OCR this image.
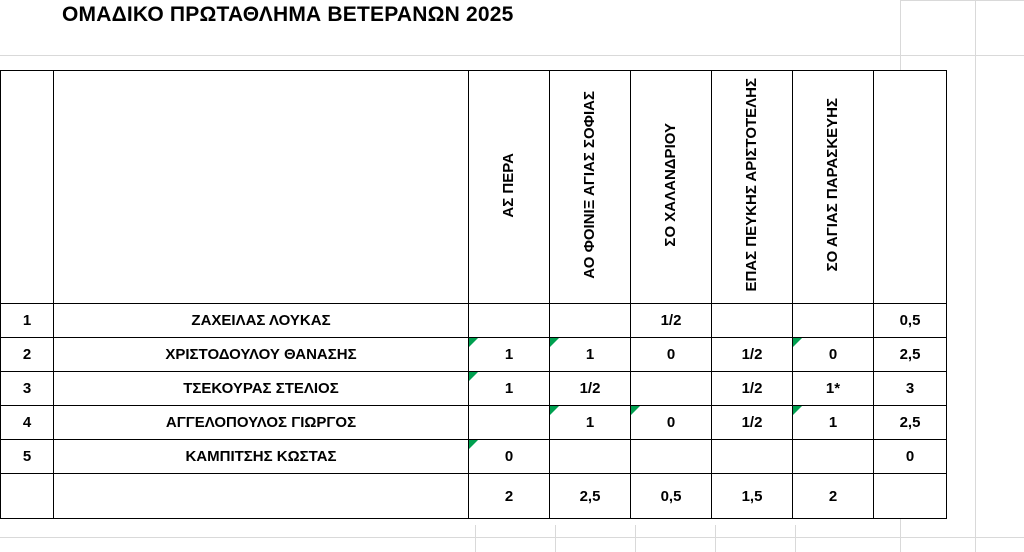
ΟΜΑΔΙΚΟ ΠΡΩΤΑΘΛΗΜΑ ΒΕΤΕΡΑΝΩΝ 2025
		ΑΣ ΠΕΡΑ	ΑΟ ΦΟΙΝΙΞ ΑΓΙΑΣ ΣΟΦΙΑΣ	ΣΟ ΧΑΛΑΝΔΡΙΟΥ	ΕΠΑΣ ΠΕΥΚΗΣ ΑΡΙΣΤΟΤΕΛΗΣ	ΣΟ ΑΓΙΑΣ ΠΑΡΑΣΚΕΥΗΣ	ΒΑΘΜΟΙ
1	ΖΑΧΕΙΛΑΣ ΛΟΥΚΑΣ			1/2			0,5
2	ΧΡΙΣΤΟΔΟΥΛΟΥ ΘΑΝΑΣΗΣ	1	1	0	1/2	0	2,5
3	ΤΣΕΚΟΥΡΑΣ ΣΤΕΛΙΟΣ	1	1/2		1/2	1*	3
4	ΑΓΓΕΛΟΠΟΥΛΟΣ ΓΙΩΡΓΟΣ		1	0	1/2	1	2,5
5	ΚΑΜΠΙΤΣΗΣ ΚΩΣΤΑΣ	0					0
		2	2,5	0,5	1,5	2	
